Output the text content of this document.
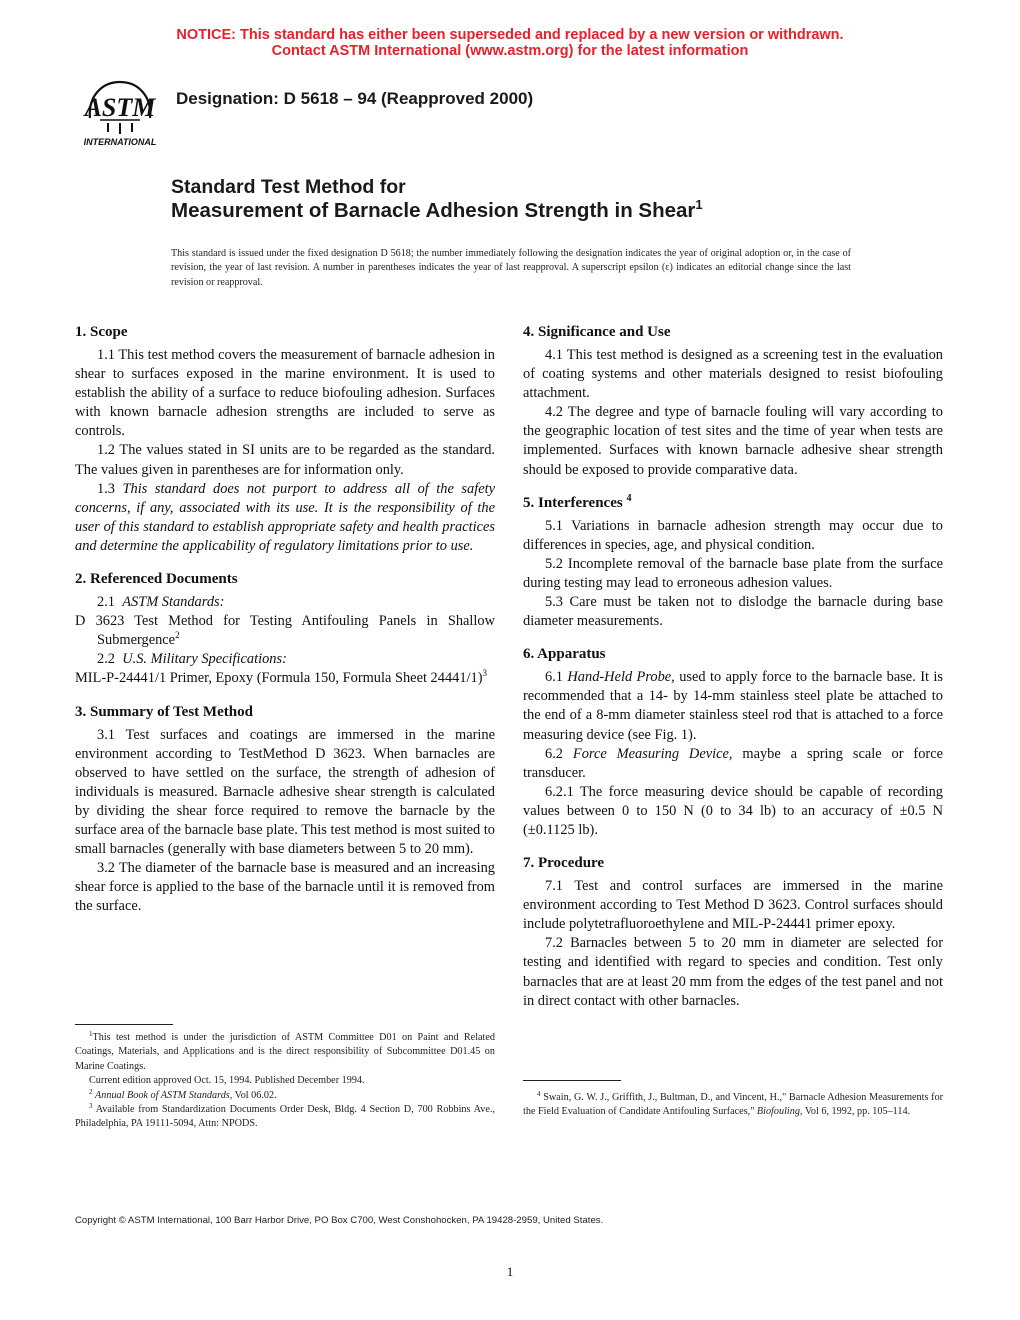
NOTICE: This standard has either been superseded and replaced by a new version or withdrawn.
Contact ASTM International (www.astm.org) for the latest information
ASTM
INTERNATIONAL
Designation: D 5618 – 94 (Reapproved 2000)
Standard Test Method for
Measurement of Barnacle Adhesion Strength in Shear$^1$
This standard is issued under the fixed designation D 5618; the number immediately following the designation indicates the year of original adoption or, in the case of revision, the year of last revision. A number in parentheses indicates the year of last reapproval. A superscript epsilon (ε) indicates an editorial change since the last revision or reapproval.
1. Scope

1.1 This test method covers the measurement of barnacle adhesion in shear to surfaces exposed in the marine environment. It is used to establish the ability of a surface to reduce biofouling adhesion. Surfaces with known barnacle adhesion strengths are included to serve as controls.

1.2 The values stated in SI units are to be regarded as the standard. The values given in parentheses are for information only.

1.3 This standard does not purport to address all of the safety concerns, if any, associated with its use. It is the responsibility of the user of this standard to establish appropriate safety and health practices and determine the applicability of regulatory limitations prior to use.

2. Referenced Documents

2.1 ASTM Standards:

D 3623 Test Method for Testing Antifouling Panels in Shallow Submergence$^2$

2.2 U.S. Military Specifications:

MIL-P-24441/1 Primer, Epoxy (Formula 150, Formula Sheet 24441/1)$^3$

3. Summary of Test Method

3.1 Test surfaces and coatings are immersed in the marine environment according to TestMethod D 3623. When barnacles are observed to have settled on the surface, the strength of adhesion of individuals is measured. Barnacle adhesive shear strength is calculated by dividing the shear force required to remove the barnacle by the surface area of the barnacle base plate. This test method is most suited to small barnacles (generally with base diameters between 5 to 20 mm).

3.2 The diameter of the barnacle base is measured and an increasing shear force is applied to the base of the barnacle until it is removed from the surface.

4. Significance and Use

4.1 This test method is designed as a screening test in the evaluation of coating systems and other materials designed to resist biofouling attachment.

4.2 The degree and type of barnacle fouling will vary according to the geographic location of test sites and the time of year when tests are implemented. Surfaces with known barnacle adhesive shear strength should be exposed to provide comparative data.

5. Interferences $^4$

5.1 Variations in barnacle adhesion strength may occur due to differences in species, age, and physical condition.

5.2 Incomplete removal of the barnacle base plate from the surface during testing may lead to erroneous adhesion values.

5.3 Care must be taken not to dislodge the barnacle during base diameter measurements.

6. Apparatus

6.1 Hand-Held Probe, used to apply force to the barnacle base. It is recommended that a 14- by 14-mm stainless steel plate be attached to the end of a 8-mm diameter stainless steel rod that is attached to a force measuring device (see Fig. 1).

6.2 Force Measuring Device, maybe a spring scale or force transducer.

6.2.1 The force measuring device should be capable of recording values between 0 to 150 N (0 to 34 lb) to an accuracy of ±0.5 N (±0.1125 lb).

7. Procedure

7.1 Test and control surfaces are immersed in the marine environment according to Test Method D 3623. Control surfaces should include polytetrafluoroethylene and MIL-P-24441 primer epoxy.

7.2 Barnacles between 5 to 20 mm in diameter are selected for testing and identified with regard to species and condition. Test only barnacles that are at least 20 mm from the edges of the test panel and not in direct contact with other barnacles.

$^1$This test method is under the jurisdiction of ASTM Committee D01 on Paint and Related Coatings, Materials, and Applications and is the direct responsibility of Subcommittee D01.45 on Marine Coatings.

Current edition approved Oct. 15, 1994. Published December 1994.

$^2$ Annual Book of ASTM Standards, Vol 06.02.

$^3$ Available from Standardization Documents Order Desk, Bldg. 4 Section D, 700 Robbins Ave., Philadelphia, PA 19111-5094, Attn: NPODS.

$^4$ Swain, G. W. J., Griffith, J., Bultman, D., and Vincent, H.," Barnacle Adhesion Measurements for the Field Evaluation of Candidate Antifouling Surfaces," Biofouling, Vol 6, 1992, pp. 105–114.

Copyright © ASTM International, 100 Barr Harbor Drive, PO Box C700, West Conshohocken, PA 19428-2959, United States.
1
